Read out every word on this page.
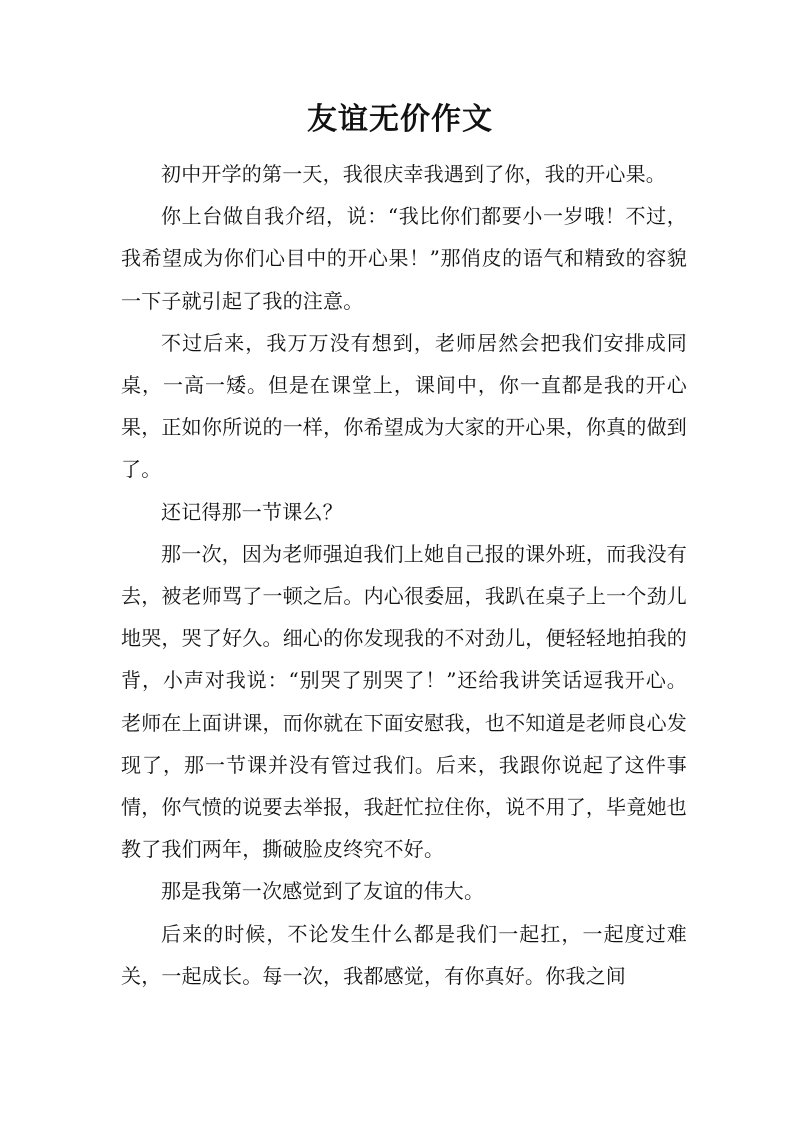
友谊无价作文

初中开学的第一天，我很庆幸我遇到了你，我的开心果。

你上台做自我介绍，说：“我比你们都要小一岁哦！不过，我希望成为你们心目中的开心果！”那俏皮的语气和精致的容貌一下子就引起了我的注意。

不过后来，我万万没有想到，老师居然会把我们安排成同桌，一高一矮。但是在课堂上，课间中，你一直都是我的开心果，正如你所说的一样，你希望成为大家的开心果，你真的做到了。

还记得那一节课么？

那一次，因为老师强迫我们上她自己报的课外班，而我没有去，被老师骂了一顿之后。内心很委屈，我趴在桌子上一个劲儿地哭，哭了好久。细心的你发现我的不对劲儿，便轻轻地拍我的背，小声对我说：“别哭了别哭了！”还给我讲笑话逗我开心。老师在上面讲课，而你就在下面安慰我，也不知道是老师良心发现了，那一节课并没有管过我们。后来，我跟你说起了这件事情，你气愤的说要去举报，我赶忙拉住你，说不用了，毕竟她也教了我们两年，撕破脸皮终究不好。

那是我第一次感觉到了友谊的伟大。

后来的时候，不论发生什么都是我们一起扛，一起度过难关，一起成长。每一次，我都感觉，有你真好。你我之间
